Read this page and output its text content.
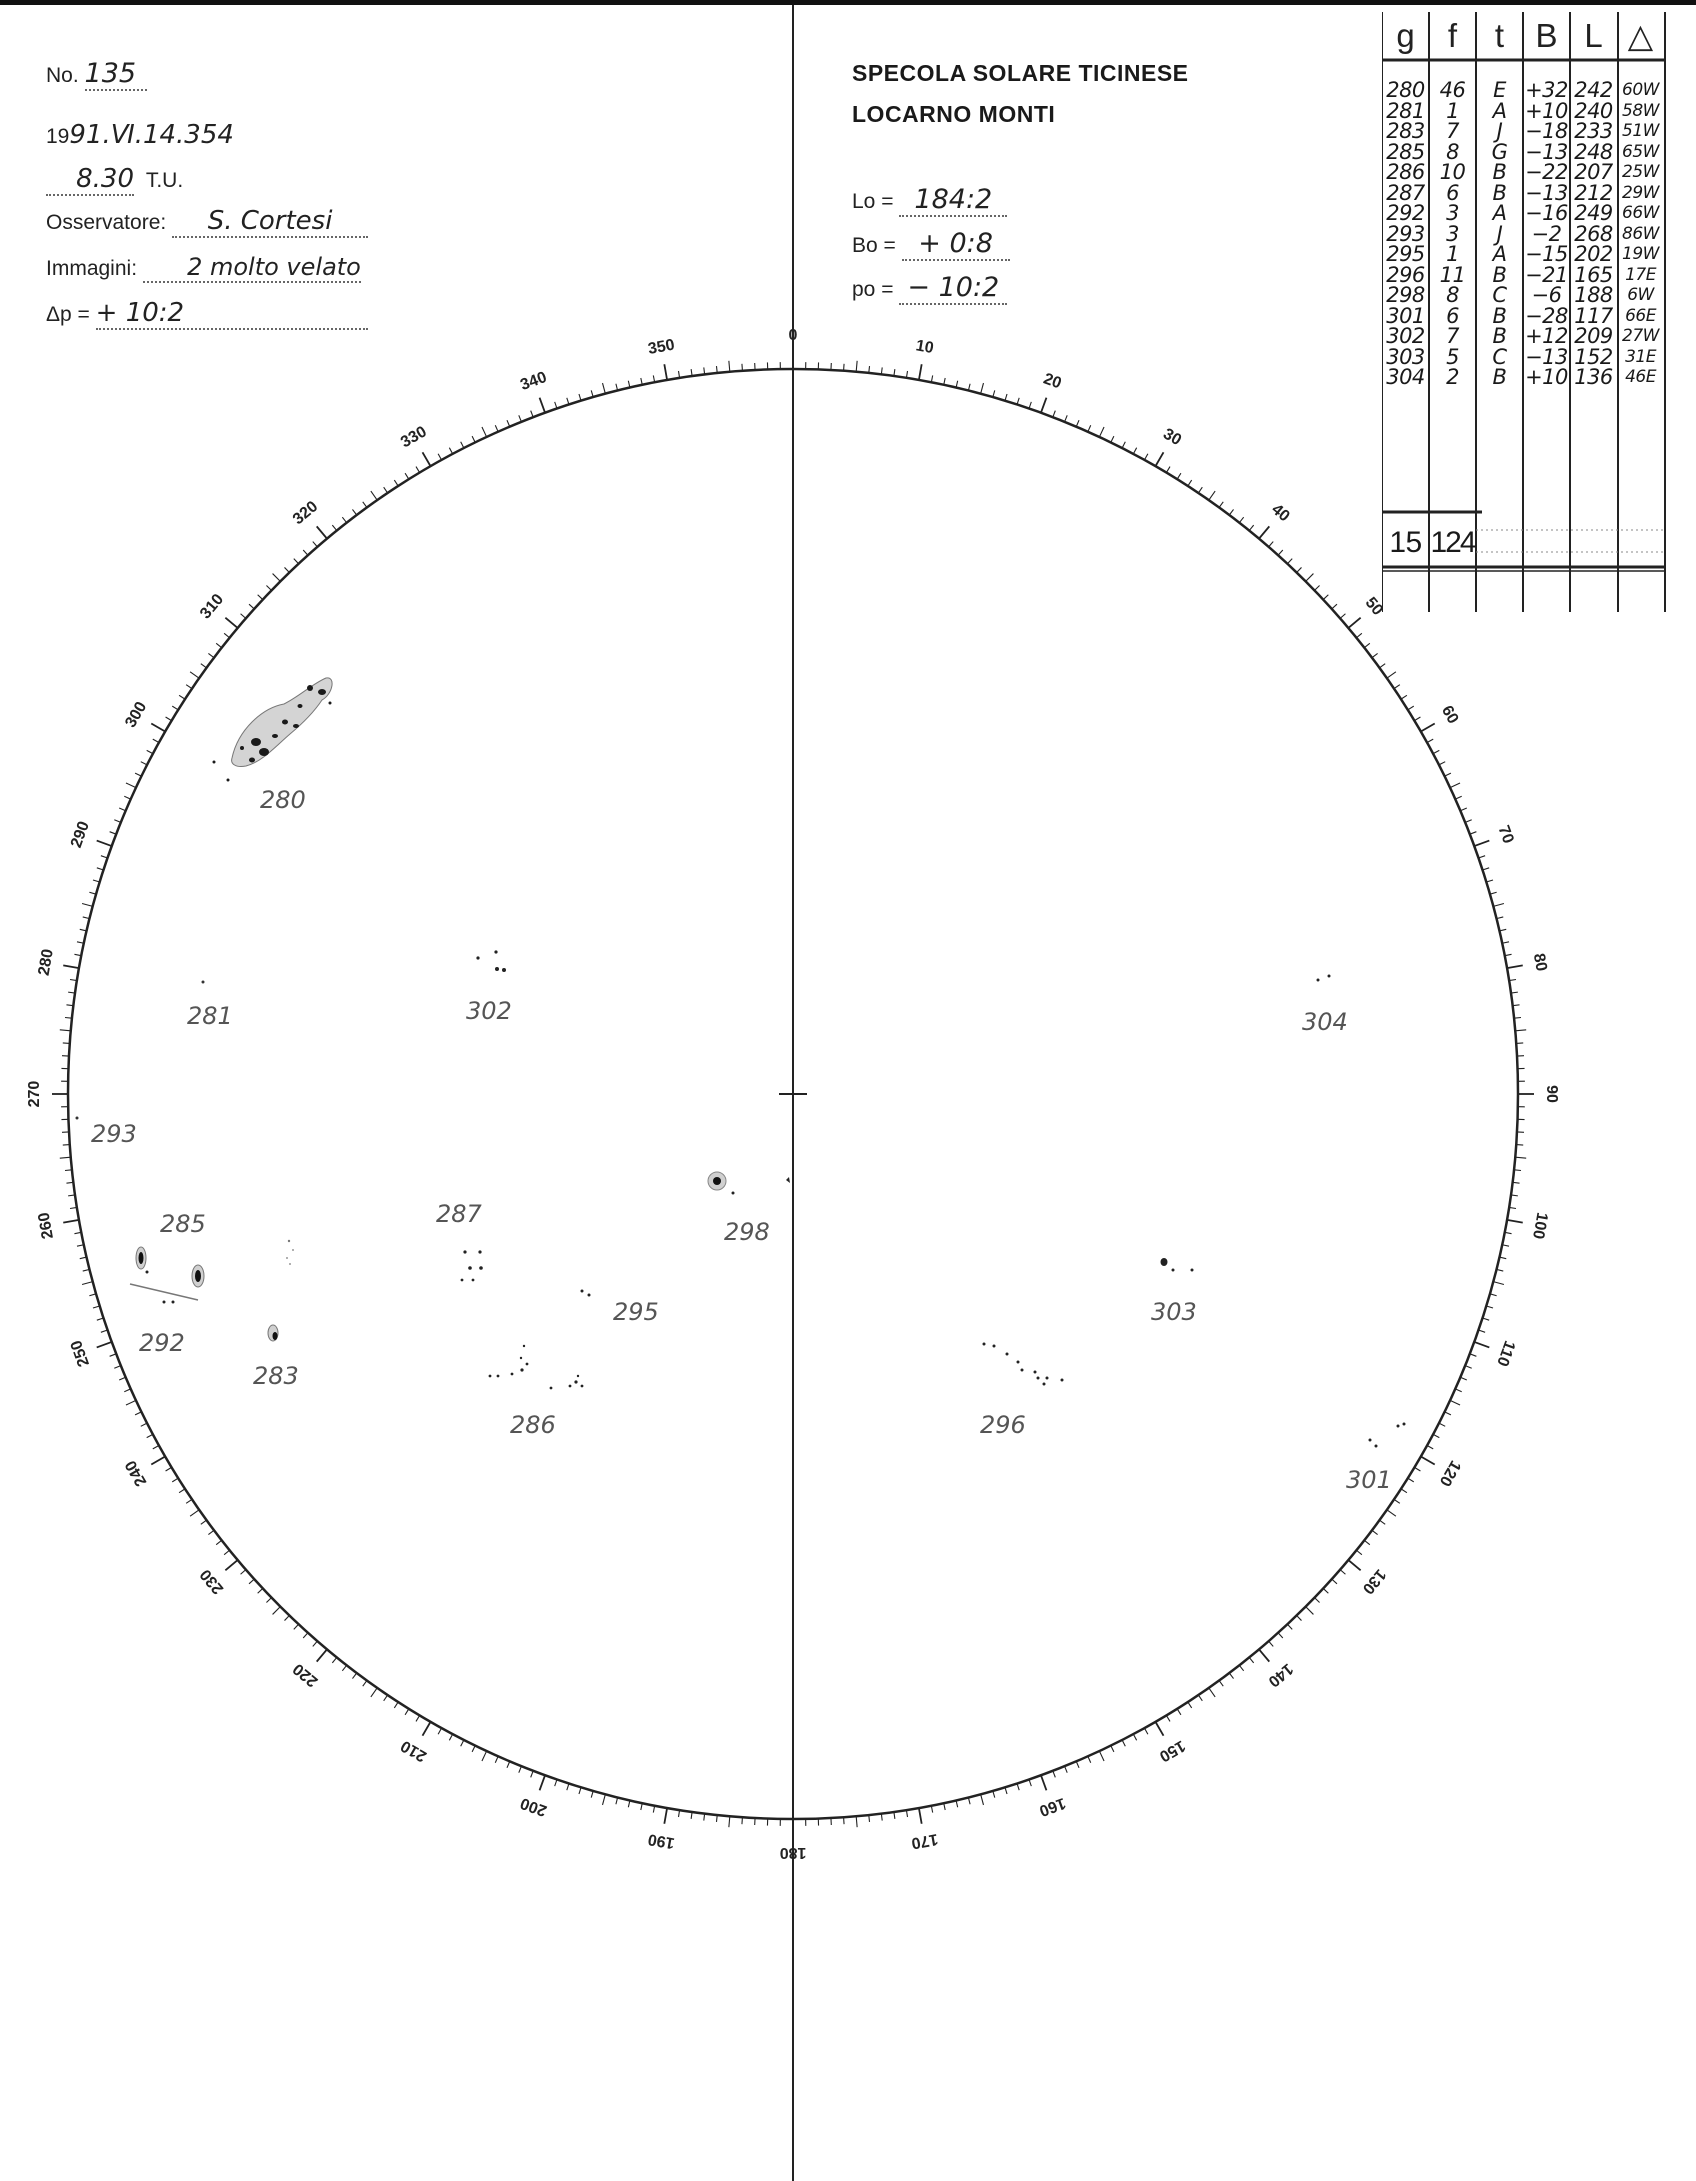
No. 135
1991.Ⅵ.14.354
8.30 T.U.
Osservatore: S. Cortesi
Immagini: 2 molto velato
Δp = + 10:2
SPECOLA SOLARE TICINESE
LOCARNO MONTI
Lo = 184:2
Bo = + 0:8
po = − 10:2
g	f	t B L △
280 46	E +32 242 60W
281	1	A +10 240 58W
283	7	J	−18 233 51W
285	8	G −13 248 65W
286 10	B −22 207 25W
287	6	B −13 212 29W
292	3	A −16 249 66W
293	3	J	−2 268 86W
295	1	A −15 202 19W
296 11	B −21 165 17E
298	8	C	−6 188 6W
301	6	B −28 117 66E
302	7	B +12 209 27W
303	5	C −13 152 31E
304	2	B +10 136 46E
15 124
0
10
20
30
40
50
60
70
80
90
100
110
120
130
140
150
160
170
180
190
200
210
220
230
240
250
260
270
280
290
300
310
320
330
340
350
280
281	302	304
293
287
298
285
303
292
295
283
286	296
301
